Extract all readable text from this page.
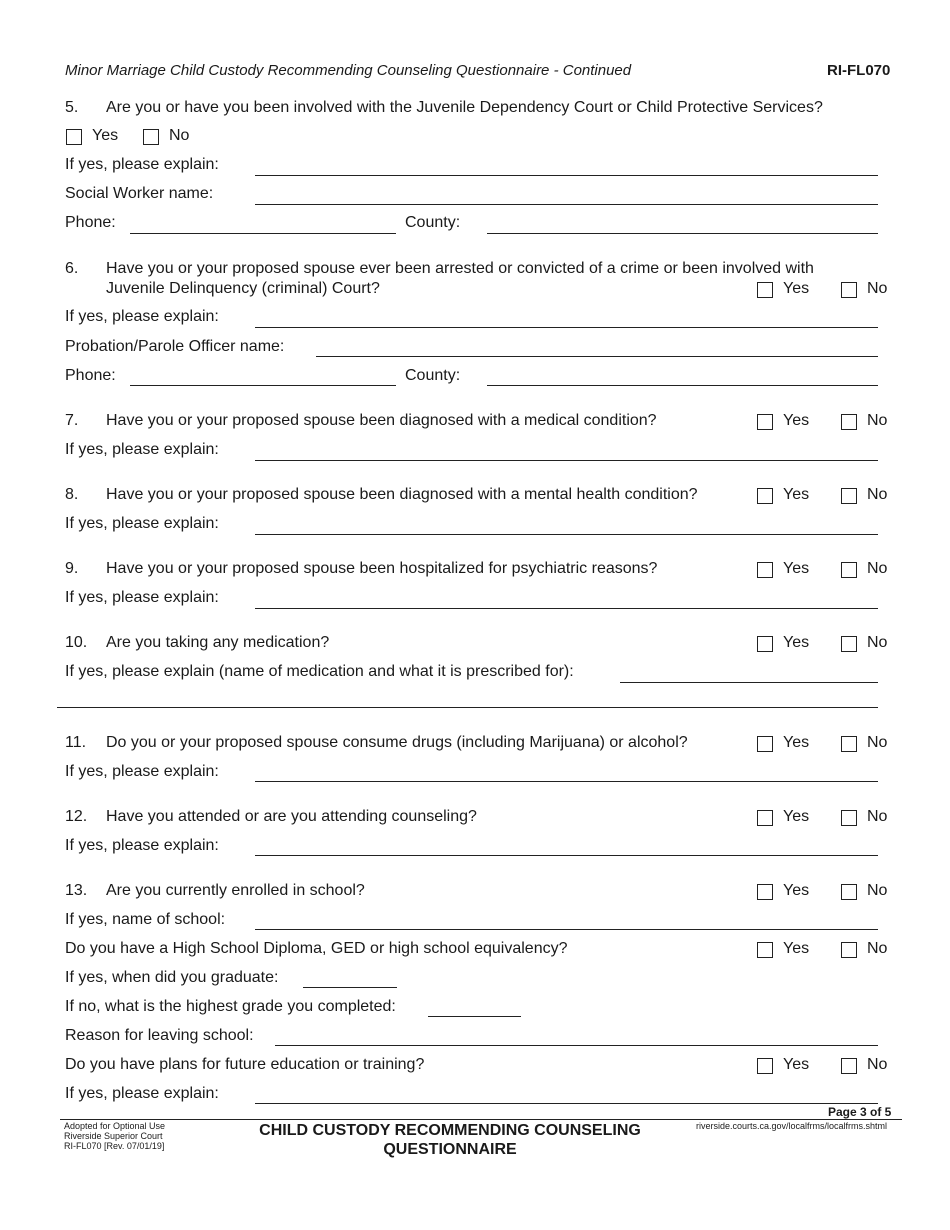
Minor Marriage Child Custody Recommending Counseling Questionnaire - Continued	RI-FL070
5. Are you or have you been involved with the Juvenile Dependency Court or Child Protective Services?
Yes	No
If yes, please explain:
Social Worker name:
Phone:	County:
6. Have you or your proposed spouse ever been arrested or convicted of a crime or been involved with
Juvenile Delinquency (criminal) Court?	Yes	No
If yes, please explain:
Probation/Parole Officer name:
Phone:	County:
7. Have you or your proposed spouse been diagnosed with a medical condition?	Yes	No
If yes, please explain:
8. Have you or your proposed spouse been diagnosed with a mental health condition?	Yes	No
If yes, please explain:
9. Have you or your proposed spouse been hospitalized for psychiatric reasons?	Yes	No
If yes, please explain:
10. Are you taking any medication?	Yes	No
If yes, please explain (name of medication and what it is prescribed for):
11. Do you or your proposed spouse consume drugs (including Marijuana) or alcohol?	Yes	No
If yes, please explain:
12. Have you attended or are you attending counseling?	Yes	No
If yes, please explain:
13. Are you currently enrolled in school?	Yes	No
If yes, name of school:
Do you have a High School Diploma, GED or high school equivalency?	Yes	No
If yes, when did you graduate:
If no, what is the highest grade you completed:
Reason for leaving school:
Do you have plans for future education or training?	Yes	No
If yes, please explain:
Page 3 of 5
Adopted for Optional Use
Riverside Superior Court
RI-FL070 [Rev. 07/01/19]
CHILD CUSTODY RECOMMENDING COUNSELING
QUESTIONNAIRE
riverside.courts.ca.gov/localfrms/localfrms.shtml
